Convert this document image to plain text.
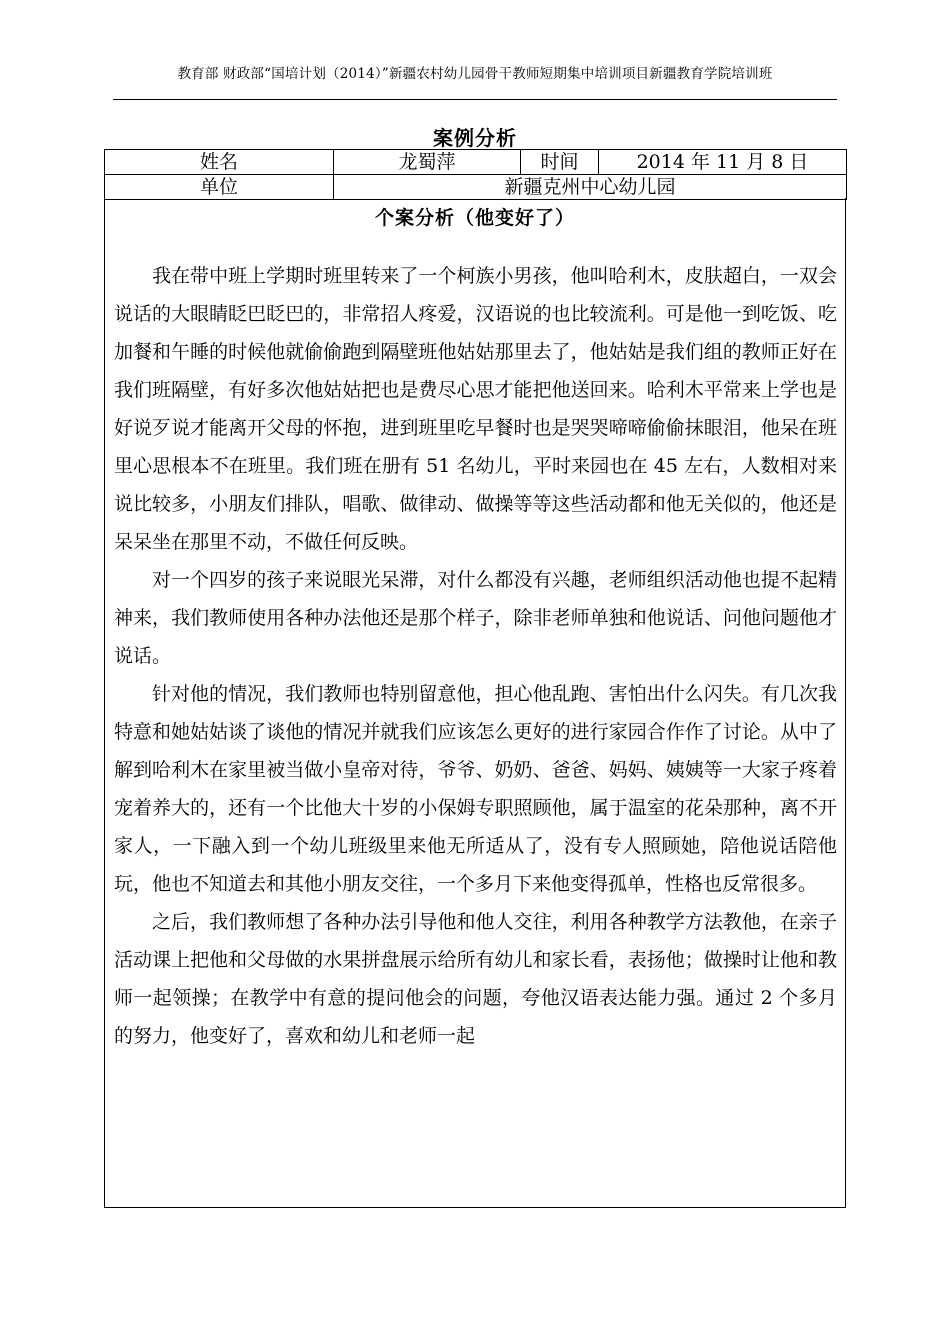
教育部 财政部“国培计划（2014）”新疆农村幼儿园骨干教师短期集中培训项目新疆教育学院培训班
案例分析
姓名	龙蜀萍	时间	2014 年 11 月 8 日
单位	新疆克州中心幼儿园		
个案分析（他变好了）

我在带中班上学期时班里转来了一个柯族小男孩，他叫哈利木，皮肤超白，一双会说话的大眼睛眨巴眨巴的，非常招人疼爱，汉语说的也比较流利。可是他一到吃饭、吃加餐和午睡的时候他就偷偷跑到隔壁班他姑姑那里去了，他姑姑是我们组的教师正好在我们班隔壁，有好多次他姑姑把也是费尽心思才能把他送回来。哈利木平常来上学也是好说歹说才能离开父母的怀抱，进到班里吃早餐时也是哭哭啼啼偷偷抹眼泪，他呆在班里心思根本不在班里。我们班在册有 51 名幼儿，平时来园也在 45 左右，人数相对来说比较多，小朋友们排队，唱歌、做律动、做操等等这些活动都和他无关似的，他还是呆呆坐在那里不动，不做任何反映。

对一个四岁的孩子来说眼光呆滞，对什么都没有兴趣，老师组织活动他也提不起精神来，我们教师使用各种办法他还是那个样子，除非老师单独和他说话、问他问题他才说话。

针对他的情况，我们教师也特别留意他，担心他乱跑、害怕出什么闪失。有几次我特意和她姑姑谈了谈他的情况并就我们应该怎么更好的进行家园合作作了讨论。从中了解到哈利木在家里被当做小皇帝对待，爷爷、奶奶、爸爸、妈妈、姨姨等一大家子疼着宠着养大的，还有一个比他大十岁的小保姆专职照顾他，属于温室的花朵那种，离不开家人，一下融入到一个幼儿班级里来他无所适从了，没有专人照顾她，陪他说话陪他玩，他也不知道去和其他小朋友交往，一个多月下来他变得孤单，性格也反常很多。

之后，我们教师想了各种办法引导他和他人交往，利用各种教学方法教他，在亲子活动课上把他和父母做的水果拼盘展示给所有幼儿和家长看，表扬他；做操时让他和教师一起领操；在教学中有意的提问他会的问题，夸他汉语表达能力强。通过 2 个多月的努力，他变好了，喜欢和幼儿和老师一起
